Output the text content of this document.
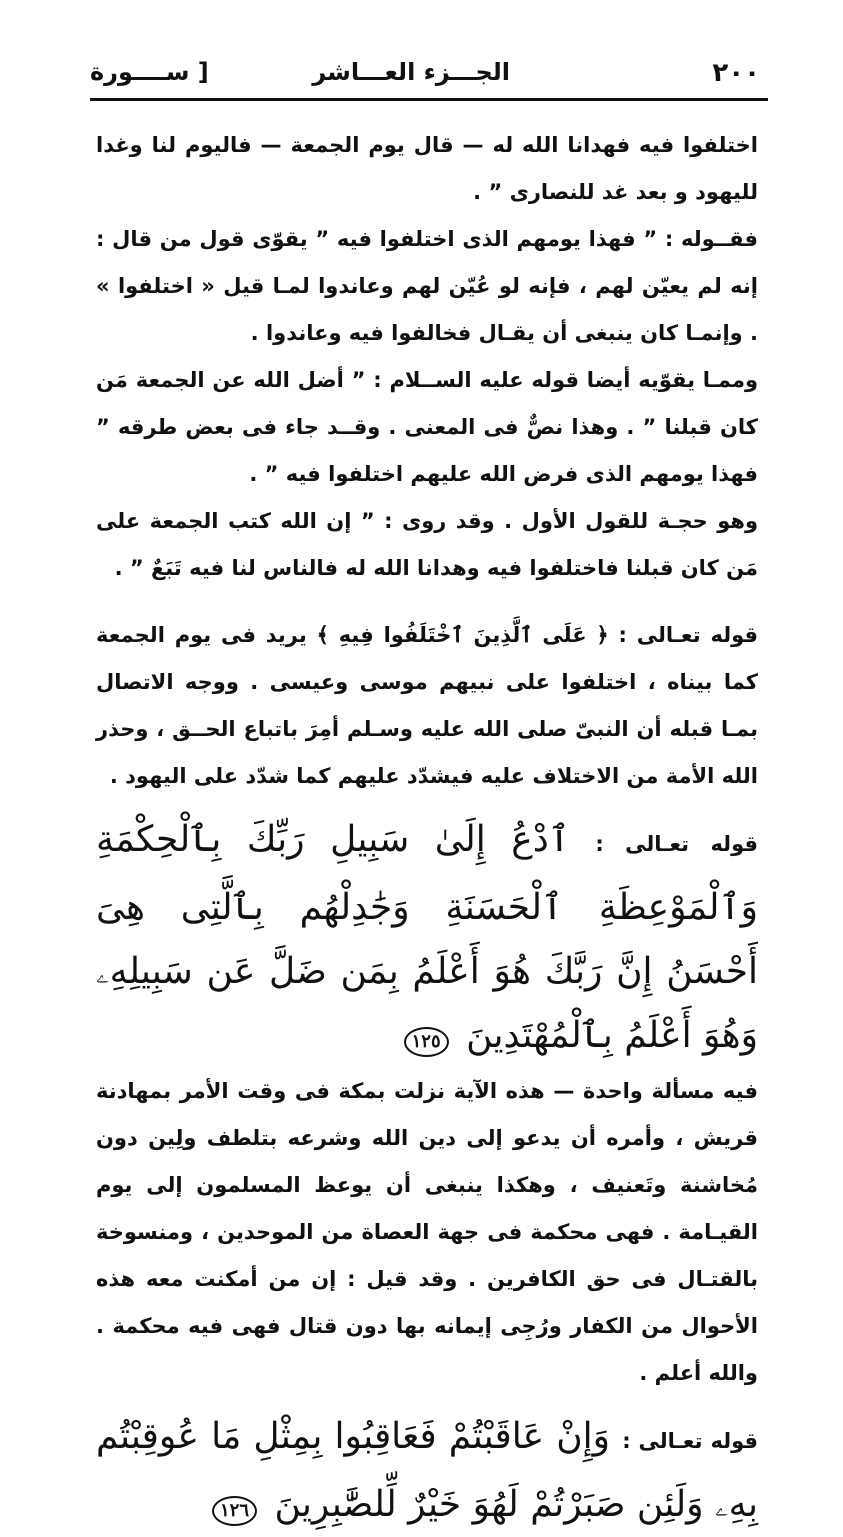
٢٠٠
الجـــزء العـــاشر
[ ســــورة

اختلفوا فيه فهدانا الله له — قال يوم الجمعة — فاليوم لنا وغدا لليهود و بعد غد للنصارى ” .

فقــوله : ” فهذا يومهم الذى اختلفوا فيه ” يقوّى قول من قال : إنه لم يعيّن لهم ، فإنه لو عُيّن لهم وعاندوا لمـا قيل « اختلفوا » . وإنمـا كان ينبغى أن يقـال فخالفوا فيه وعاندوا .

وممـا يقوّيه أيضا قوله عليه الســلام : ” أضل الله عن الجمعة مَن كان قبلنا ” . وهذا نصٌّ فى المعنى . وقــد جاء فى بعض طرقه ” فهذا يومهم الذى فرض الله عليهم اختلفوا فيه ” .

وهو حجـة للقول الأول . وقد روى : ” إن الله كتب الجمعة على مَن كان قبلنا فاختلفوا فيه وهدانا الله له فالناس لنا فيه تَبَعٌ ” .

قوله تعـالى : ﴿ عَلَى ٱلَّذِينَ ٱخْتَلَفُوا فِيهِ ﴾ يريد فى يوم الجمعة كما بيناه ، اختلفوا على نبيهم موسى وعيسى . ووجه الاتصال بمـا قبله أن النبىّ صلى الله عليه وسـلم أمِرَ باتباع الحــق ، وحذر الله الأمة من الاختلاف عليه فيشدّد عليهم كما شدّد على اليهود .

قوله تعـالى : ٱدْعُ إِلَىٰ سَبِيلِ رَبِّكَ بِٱلْحِكْمَةِ وَٱلْمَوْعِظَةِ ٱلْحَسَنَةِ وَجَٰدِلْهُم بِٱلَّتِى هِىَ أَحْسَنُ إِنَّ رَبَّكَ هُوَ أَعْلَمُ بِمَن ضَلَّ عَن سَبِيلِهِۦ وَهُوَ أَعْلَمُ بِٱلْمُهْتَدِينَ ١٢٥

فيه مسألة واحدة — هذه الآية نزلت بمكة فى وقت الأمر بمهادنة قريش ، وأمره أن يدعو إلى دين الله وشرعه بتلطف ولِين دون مُخاشنة وتَعنيف ، وهكذا ينبغى أن يوعظ المسلمون إلى يوم القيـامة . فهى محكمة فى جهة العصاة من الموحدين ، ومنسوخة بالقتـال فى حق الكافرين . وقد قيل : إن من أمكنت معه هذه الأحوال من الكفار ورُجِى إيمانه بها دون قتال فهى فيه محكمة . والله أعلم .

قوله تعـالى : وَإِنْ عَاقَبْتُمْ فَعَاقِبُوا بِمِثْلِ مَا عُوقِبْتُم بِهِۦ وَلَئِن صَبَرْتُمْ لَهُوَ خَيْرٌ لِّلصَّٰبِرِينَ ١٢٦
